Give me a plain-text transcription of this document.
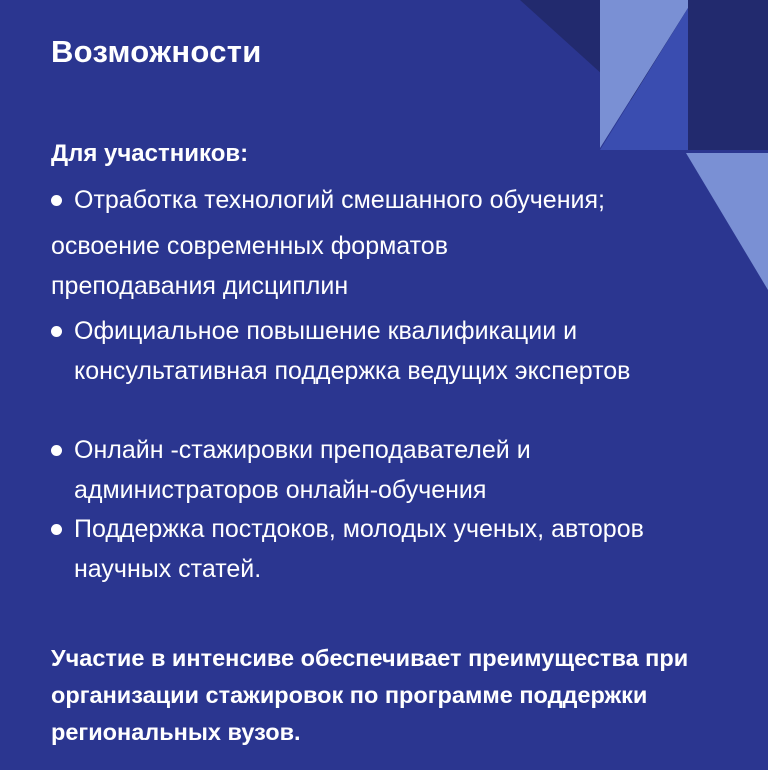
Возможности
Для участников:
Отработка технологий смешанного обучения;
освоение современных форматов преподавания дисциплин
Официальное повышение квалификации и консультативная поддержка ведущих экспертов
Онлайн -стажировки преподавателей и администраторов онлайн-обучения
Поддержка постдоков, молодых ученых, авторов научных статей.
Участие в интенсиве обеспечивает преимущества при организации стажировок по программе поддержки региональных вузов.
